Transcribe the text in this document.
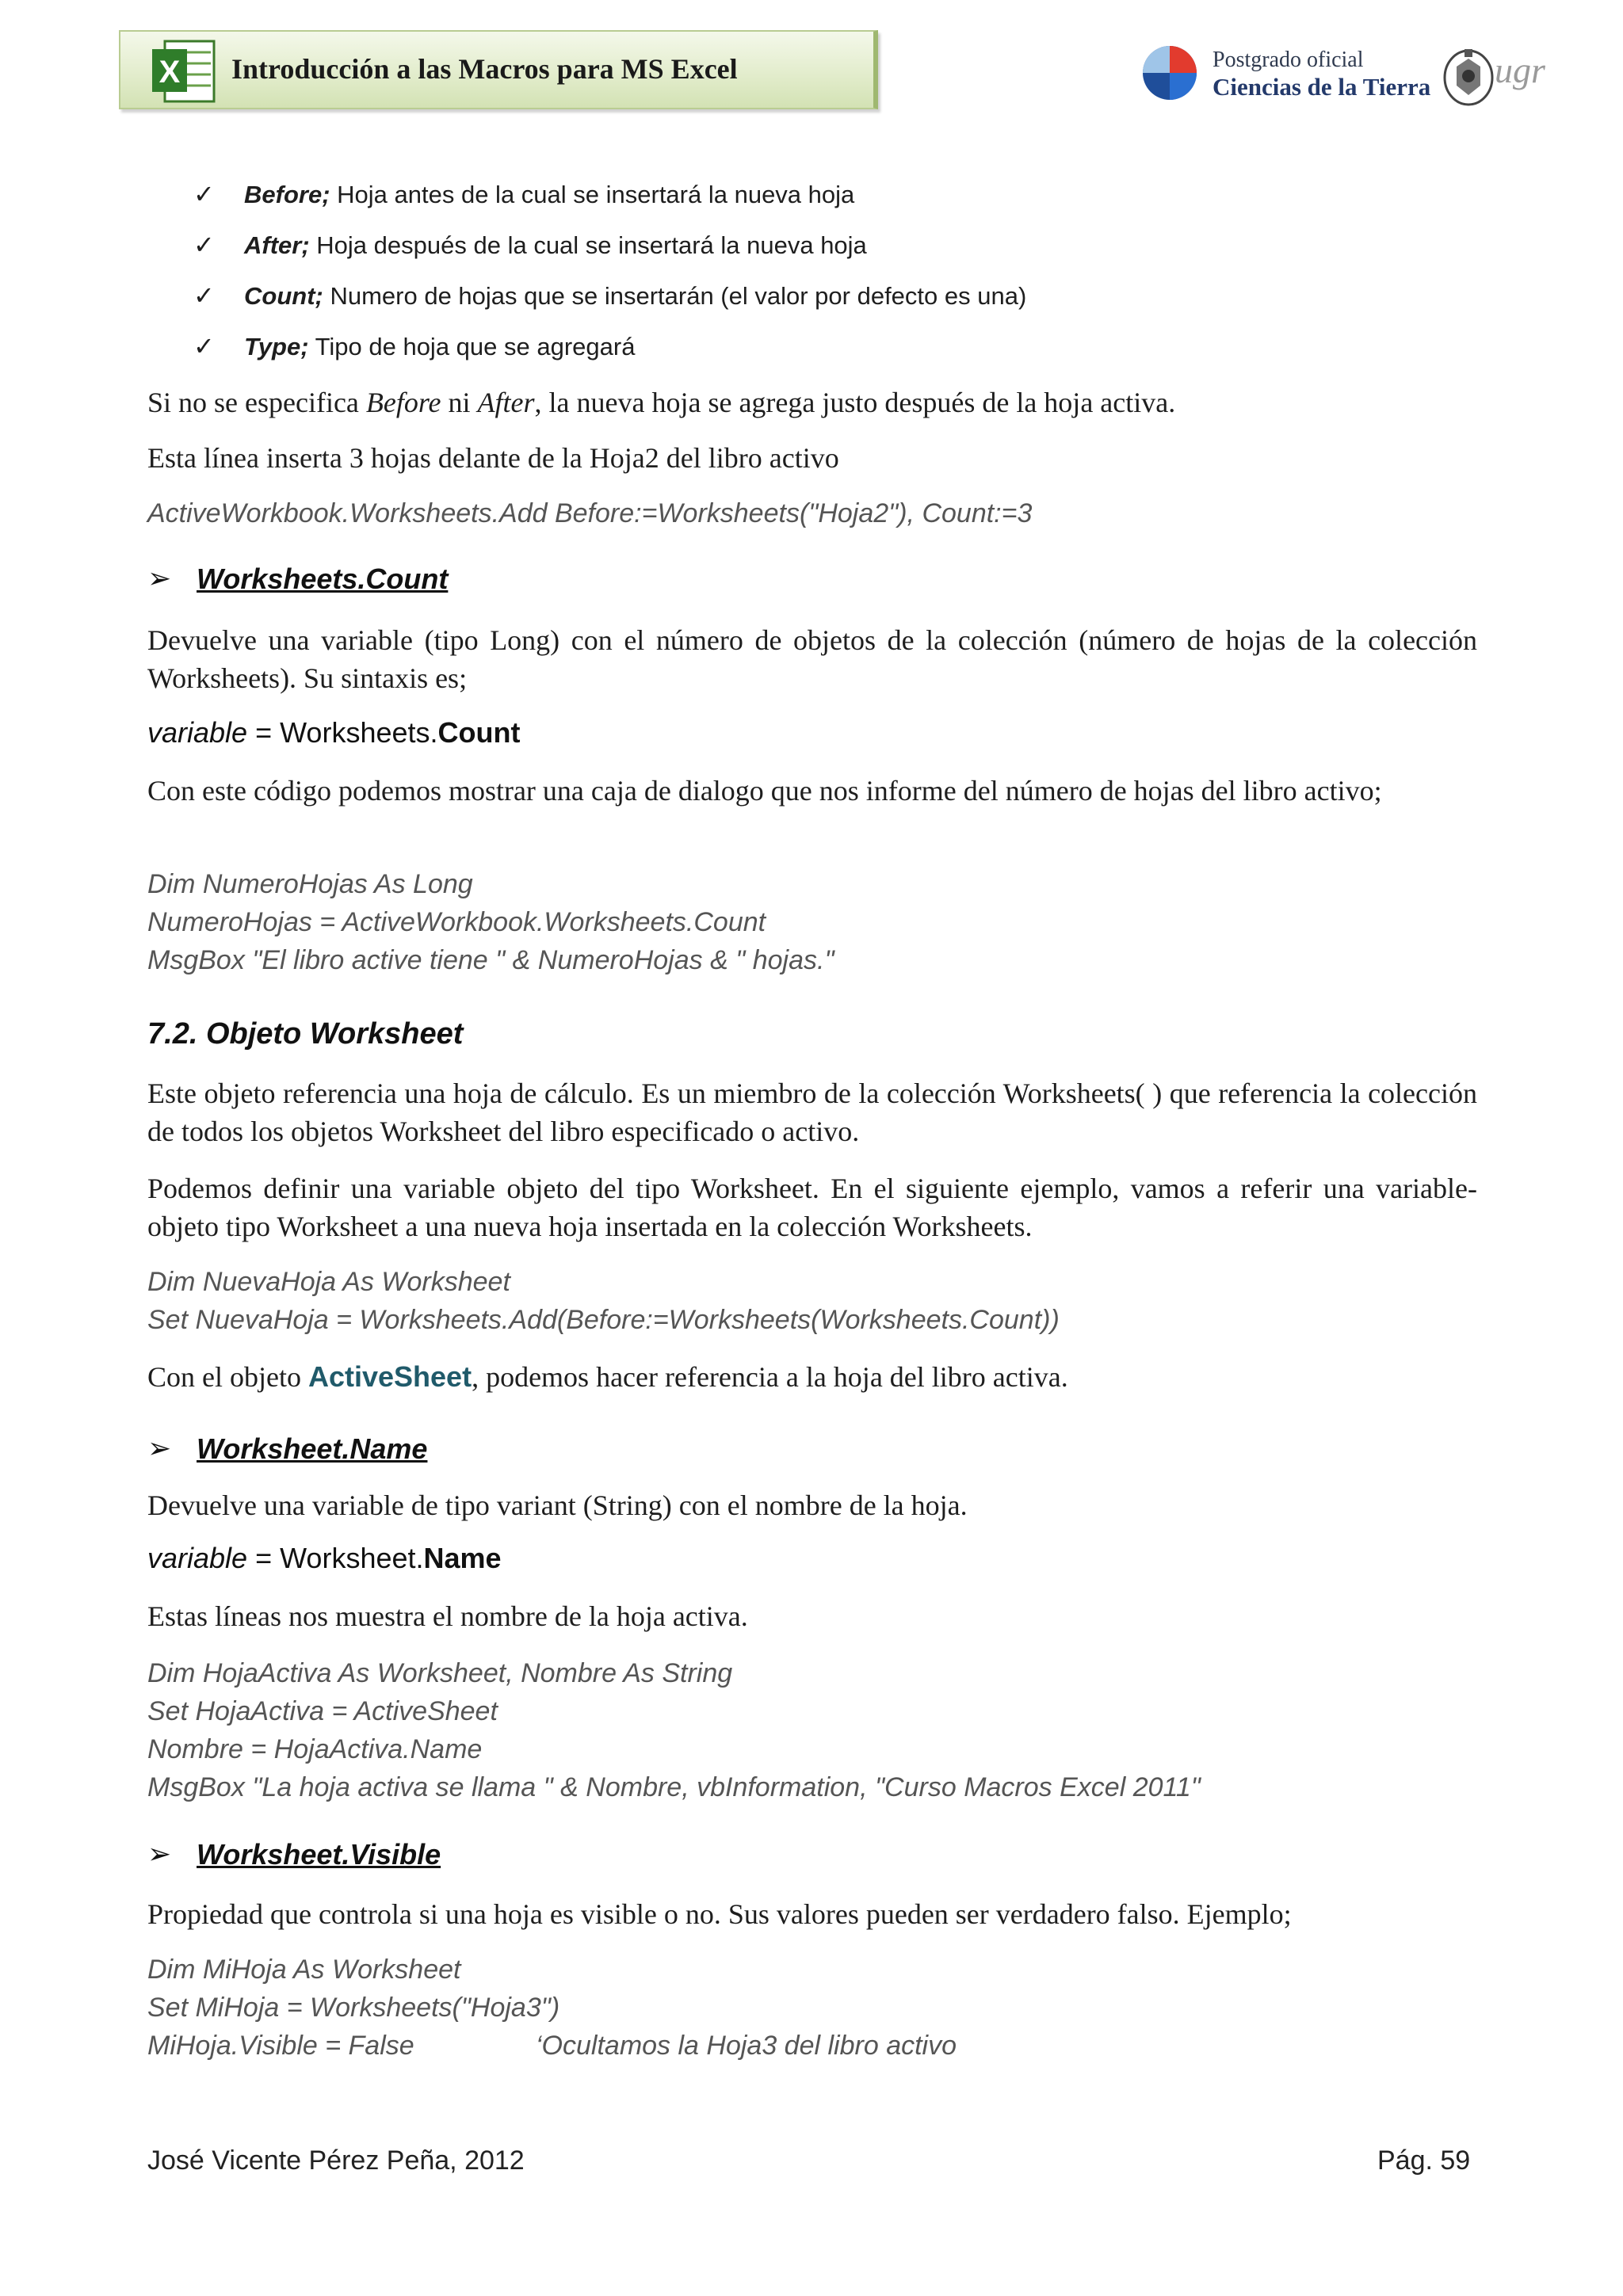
X Introducción a las Macros para MS Excel	Postgrado oficial
Ciencias de la Tierra ugr
✓ Before; Hoja antes de la cual se insertará la nueva hoja
✓ After; Hoja después de la cual se insertará la nueva hoja
✓ Count; Numero de hojas que se insertarán (el valor por defecto es una)
✓ Type; Tipo de hoja que se agregará
Si no se especifica Before ni After, la nueva hoja se agrega justo después de la hoja activa.
Esta línea inserta 3 hojas delante de la Hoja2 del libro activo
ActiveWorkbook.Worksheets.Add Before:=Worksheets("Hoja2"), Count:=3
➢ Worksheets.Count
Devuelve una variable (tipo Long) con el número de objetos de la colección (número de hojas de la colección Worksheets). Su sintaxis es;
variable = Worksheets.Count
Con este código podemos mostrar una caja de dialogo que nos informe del número de hojas del libro activo;
Dim NumeroHojas As Long
NumeroHojas = ActiveWorkbook.Worksheets.Count
MsgBox "El libro active tiene " & NumeroHojas & " hojas."
7.2. Objeto Worksheet
Este objeto referencia una hoja de cálculo. Es un miembro de la colección Worksheets( ) que referencia la colección de todos los objetos Worksheet del libro especificado o activo.
Podemos definir una variable objeto del tipo Worksheet. En el siguiente ejemplo, vamos a referir una variable-objeto tipo Worksheet a una nueva hoja insertada en la colección Worksheets.
Dim NuevaHoja As Worksheet
Set NuevaHoja = Worksheets.Add(Before:=Worksheets(Worksheets.Count))
Con el objeto ActiveSheet, podemos hacer referencia a la hoja del libro activa.
➢ Worksheet.Name
Devuelve una variable de tipo variant (String) con el nombre de la hoja.
variable = Worksheet.Name
Estas líneas nos muestra el nombre de la hoja activa.
Dim HojaActiva As Worksheet, Nombre As String
Set HojaActiva = ActiveSheet
Nombre = HojaActiva.Name
MsgBox "La hoja activa se llama " & Nombre, vbInformation, "Curso Macros Excel 2011"
➢ Worksheet.Visible
Propiedad que controla si una hoja es visible o no. Sus valores pueden ser verdadero falso. Ejemplo;
Dim MiHoja As Worksheet
Set MiHoja = Worksheets("Hoja3")
MiHoja.Visible = False	‘Ocultamos la Hoja3 del libro activo
José Vicente Pérez Peña, 2012	Pág. 59
